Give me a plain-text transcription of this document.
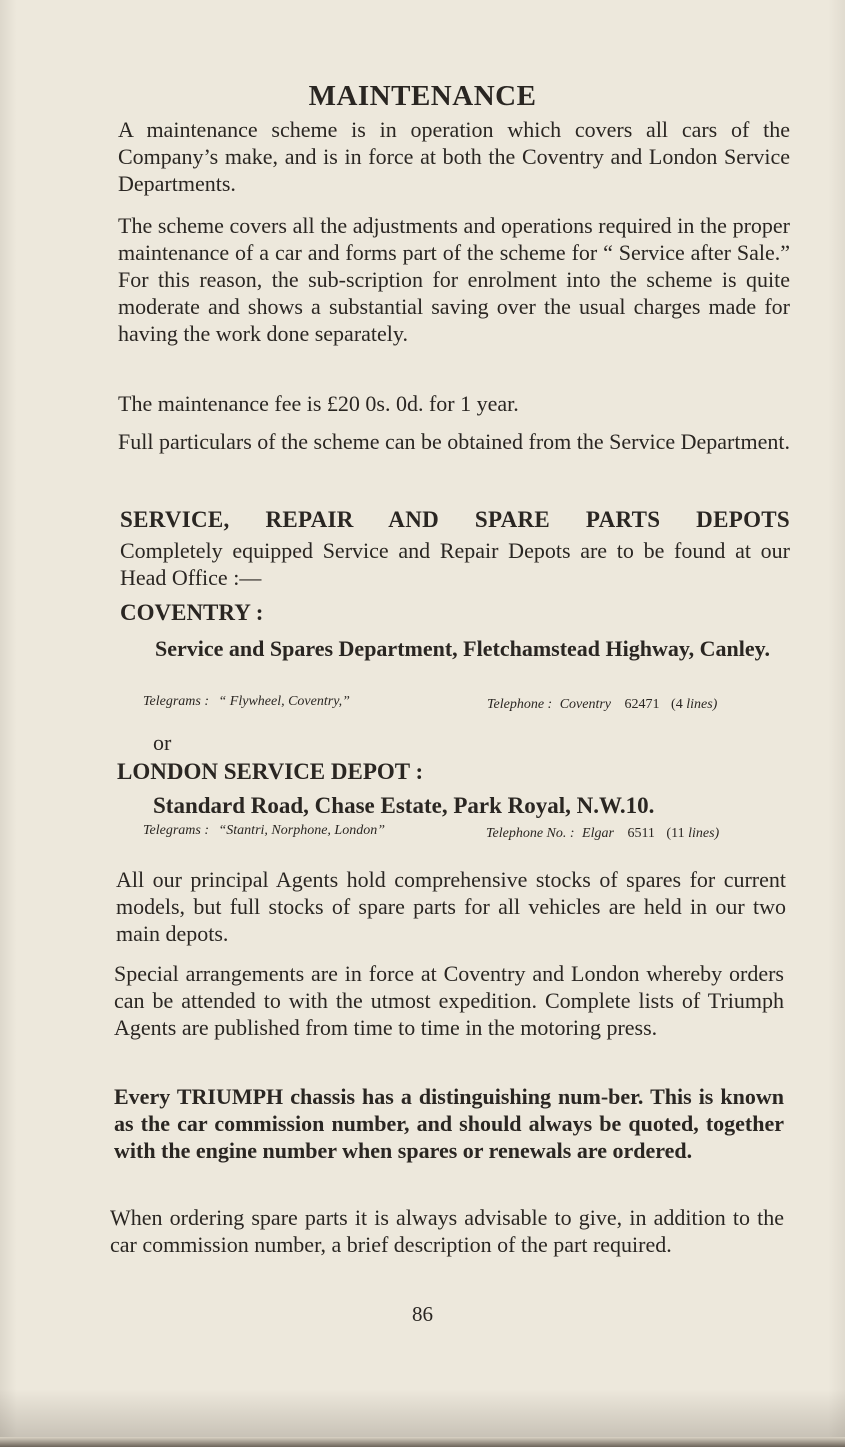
MAINTENANCE
A maintenance scheme is in operation which covers all cars of the Company’s make, and is in force at both the Coventry and London Service Departments.
The scheme covers all the adjustments and operations required in the proper maintenance of a car and forms part of the scheme for “ Service after Sale.” For this reason, the sub-scription for enrolment into the scheme is quite moderate and shows a substantial saving over the usual charges made for having the work done separately.
The maintenance fee is £20 0s. 0d. for 1 year.
Full particulars of the scheme can be obtained from the Service Department.
SERVICE, REPAIR AND SPARE PARTS DEPOTS
Completely equipped Service and Repair Depots are to be found at our Head Office :—
COVENTRY :
Service and Spares Department, Fletchamstead Highway, Canley.
Telegrams : “ Flywheel, Coventry,”	Telephone : Coventry 62471 (4 lines)
or
LONDON SERVICE DEPOT :
Standard Road, Chase Estate, Park Royal, N.W.10.
Telegrams : “Stantri, Norphone, London”	Telephone No. : Elgar 6511 (11 lines)
All our principal Agents hold comprehensive stocks of spares for current models, but full stocks of spare parts for all vehicles are held in our two main depots.
Special arrangements are in force at Coventry and London whereby orders can be attended to with the utmost expedition. Complete lists of Triumph Agents are published from time to time in the motoring press.
Every TRIUMPH chassis has a distinguishing num-ber. This is known as the car commission number, and should always be quoted, together with the engine number when spares or renewals are ordered.
When ordering spare parts it is always advisable to give, in addition to the car commission number, a brief description of the part required.
86
